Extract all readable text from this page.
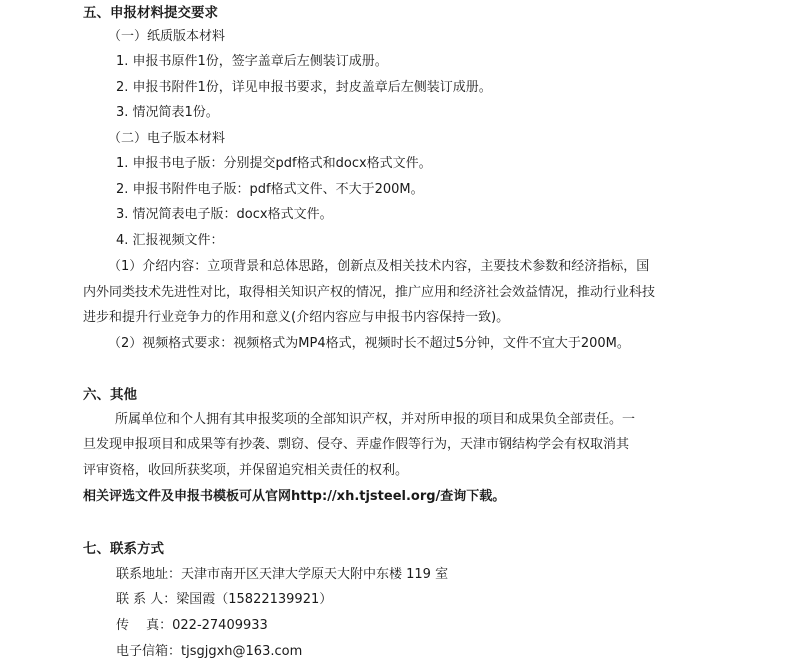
五、申报材料提交要求
（一）纸质版本材料
1. 申报书原件1份，签字盖章后左侧装订成册。
2. 申报书附件1份，详见申报书要求，封皮盖章后左侧装订成册。
3. 情况简表1份。
（二）电子版本材料
1. 申报书电子版：分别提交pdf格式和docx格式文件。
2. 申报书附件电子版：pdf格式文件、不大于200M。
3. 情况简表电子版：docx格式文件。
4. 汇报视频文件：
（1）介绍内容：立项背景和总体思路，创新点及相关技术内容，主要技术参数和经济指标，国
内外同类技术先进性对比，取得相关知识产权的情况，推广应用和经济社会效益情况，推动行业科技
进步和提升行业竞争力的作用和意义(介绍内容应与申报书内容保持一致)。
（2）视频格式要求：视频格式为MP4格式，视频时长不超过5分钟，文件不宜大于200M。
六、其他
所属单位和个人拥有其申报奖项的全部知识产权，并对所申报的项目和成果负全部责任。一
旦发现申报项目和成果等有抄袭、剽窃、侵夺、弄虚作假等行为，天津市钢结构学会有权取消其
评审资格，收回所获奖项，并保留追究相关责任的权利。
相关评选文件及申报书模板可从官网http://xh.tjsteel.org/查询下载。
七、联系方式
联系地址：天津市南开区天津大学原天大附中东楼 119 室
联 系 人：梁国霞（15822139921）
传　 真：022-27409933
电子信箱：tjsgjgxh@163.com
